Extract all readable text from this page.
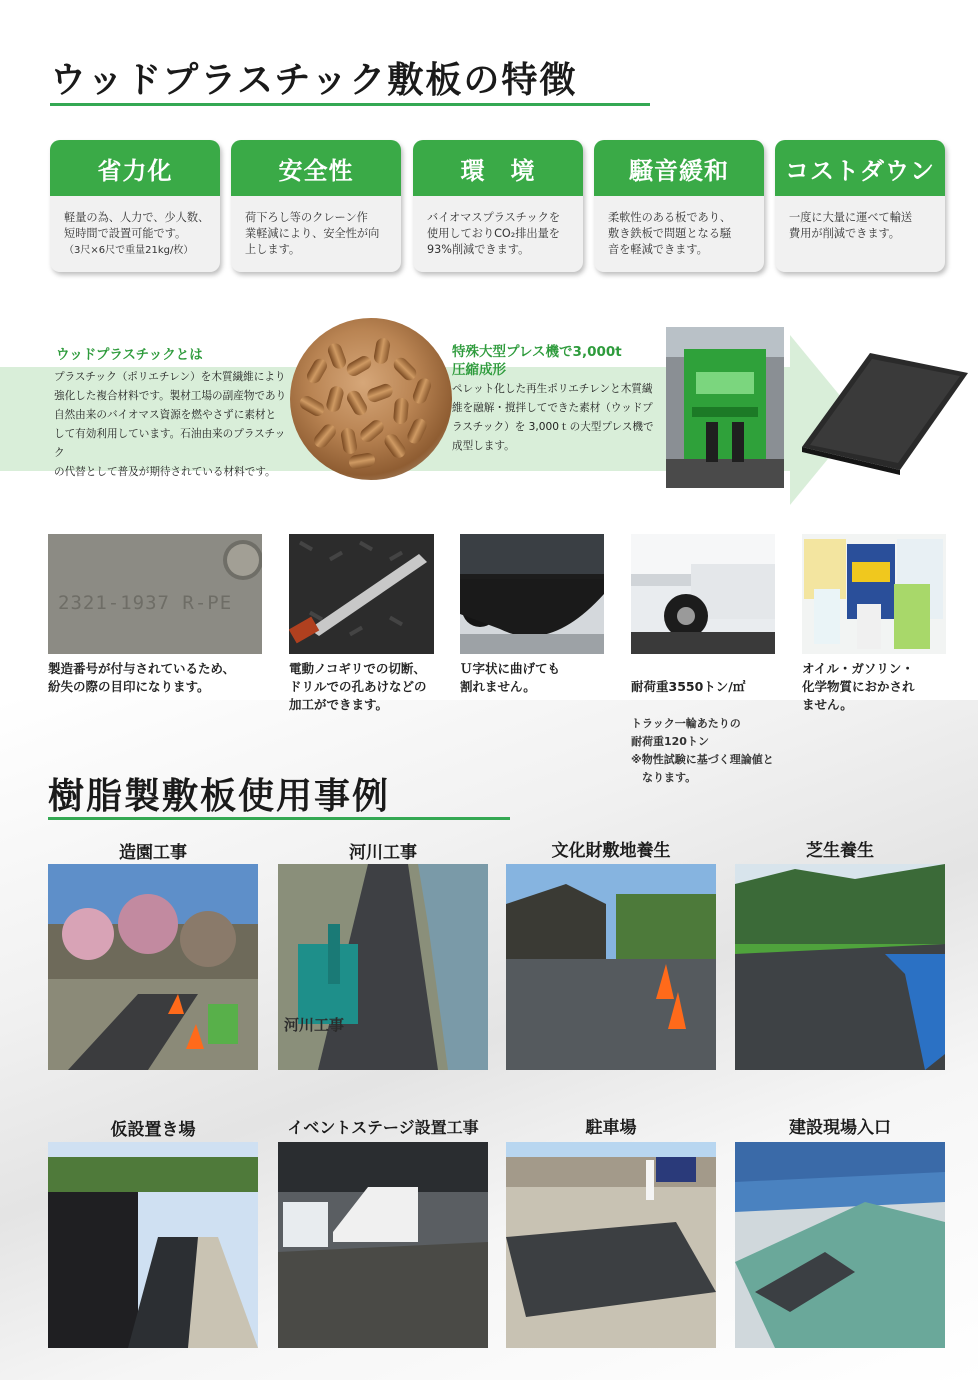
ウッドプラスチック敷板の特徴
省力化
軽量の為、人力で、少人数、
短時間で設置可能です。
（3尺×6尺で重量21kg/枚）
安全性
荷下ろし等のクレーン作
業軽減により、安全性が向
上します。
環　境
バイオマスプラスチックを
使用しておりCO₂排出量を
93%削減できます。
騒音緩和
柔軟性のある板であり、
敷き鉄板で問題となる騒
音を軽減できます。
コストダウン
一度に大量に運べて輸送
費用が削減できます。
ウッドプラスチックとは
プラスチック（ポリエチレン）を木質繊維により
強化した複合材料です。製材工場の副産物であり
自然由来のバイオマス資源を燃やさずに素材と
して有効利用しています。石油由来のプラスチック
の代替として普及が期待されている材料です。
特殊大型プレス機で3,000t
圧縮成形
ペレット化した再生ポリエチレンと木質繊
維を融解・撹拌してできた素材（ウッドプ
ラスチック）を 3,000ｔの大型プレス機で
成型します。
2321-1937 R-PE
製造番号が付与されているため、
紛失の際の目印になります。
電動ノコギリでの切断、
ドリルでの孔あけなどの
加工ができます。
Ｕ字状に曲げても
割れません。	耐荷重3550トン/㎡

トラック一輪あたりの
耐荷重120トン
※物性試験に基づく理論値と
　なります。

オイル・ガソリン・
化学物質におかされ
ません。
樹脂製敷板使用事例
造園工事	河川工事	文化財敷地養生	芝生養生
河川工事
仮設置き場	イベントステージ設置工事	駐車場	建設現場入口
